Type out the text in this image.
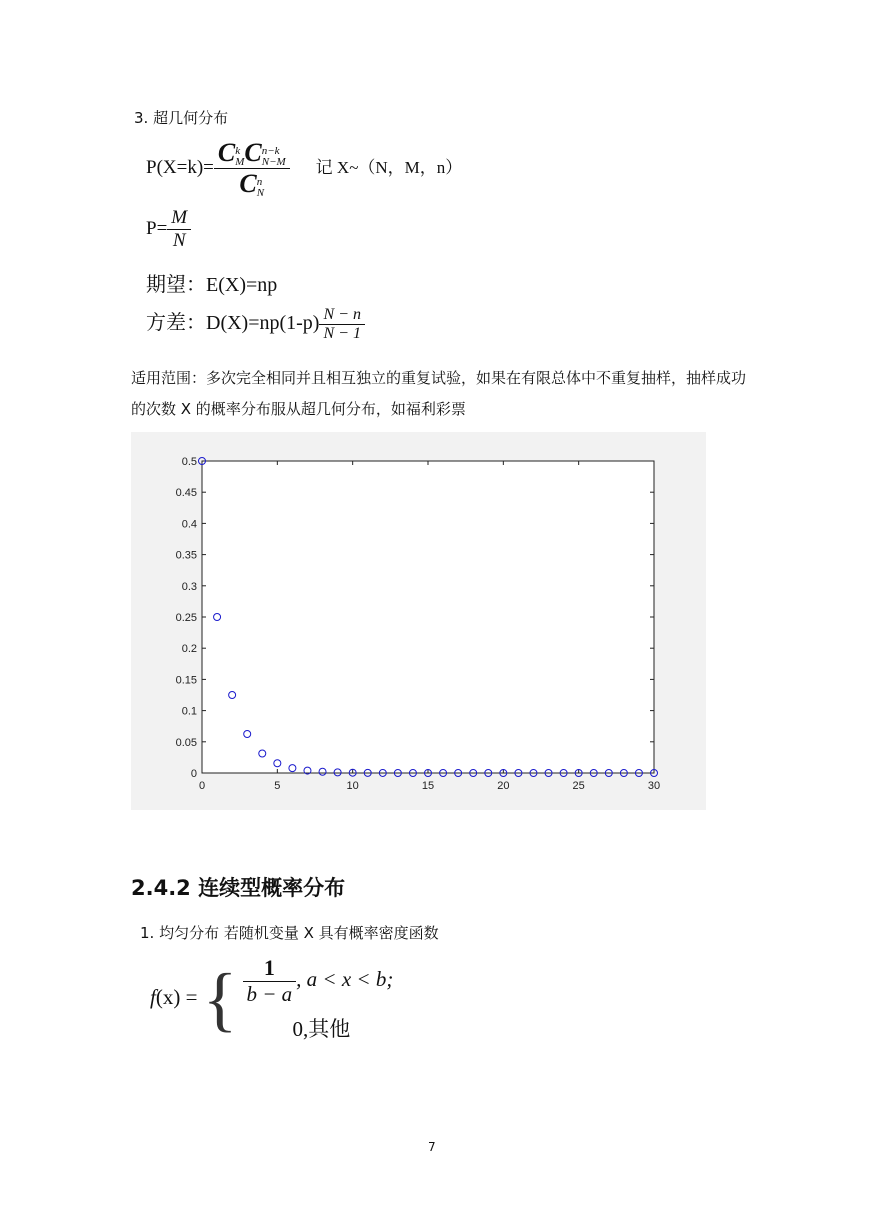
3. 超几何分布
P(X=k)= C k
M C n−k
N−M
C n
N 记 X~（N，M，n）
$P= \frac{M}{N}$
期望：E(X)=np
方差：$D(X)=np(1-p) \frac{N - n}{N - 1}$
适用范围：多次完全相同并且相互独立的重复试验，如果在有限总体中不重复抽样，抽样成功的次数 X 的概率分布服从超几何分布，如福利彩票
0
0.05
0.1
0.15
0.2
0.25
0.3
0.35
0.4
0.45
0.5
0	5	10	15	20	25	30
2.4.2 连续型概率分布
1. 均匀分布 若随机变量 X 具有概率密度函数
f(x) = { $\frac{1}{b - a}$ , a < x < b;
0,其他
7
